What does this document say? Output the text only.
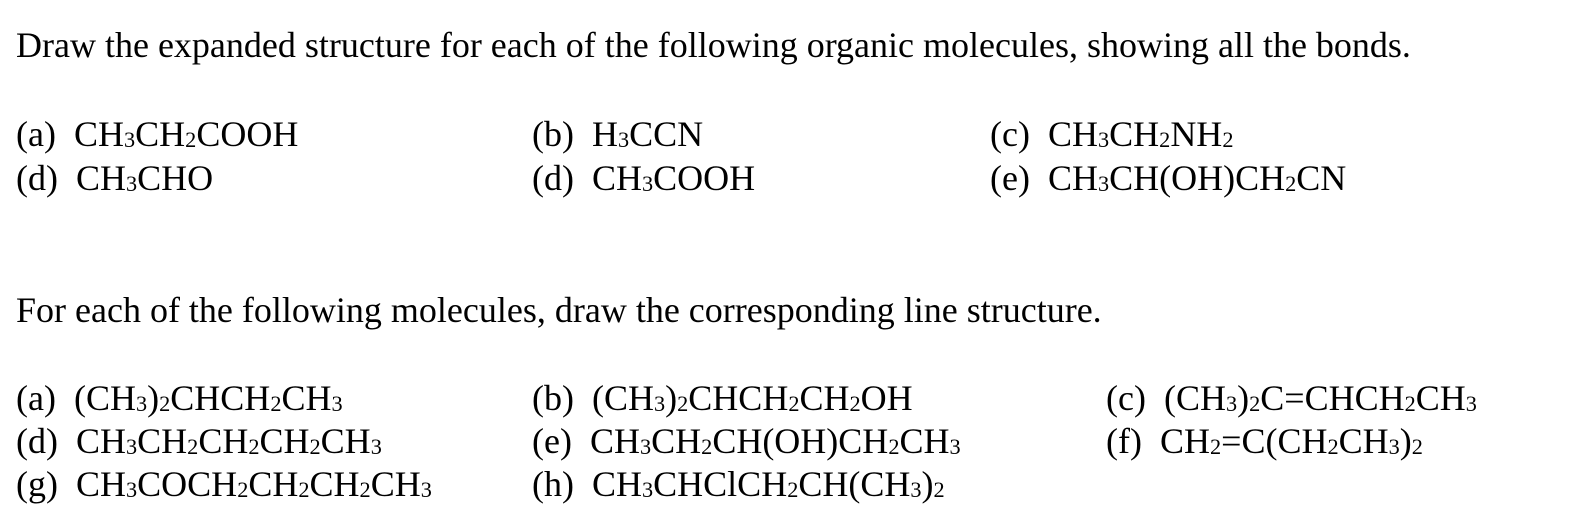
Draw the expanded structure for each of the following organic molecules, showing all the bonds.
(a) $CH_3CH_2COOH$	(b) $H_3CCN$	(c) $CH_3CH_2NH_2$
(d) $CH_3CHO$	(d) $CH_3COOH$	(e) $CH_3CH(OH)CH_2CN$
For each of the following molecules, draw the corresponding line structure.
(a) $(CH_3)_2CHCH_2CH_3$	(b) $(CH_3)_2CHCH_2CH_2OH$	(c) $(CH_3)_2C=CHCH_2CH_3$
(d) $CH_3CH_2CH_2CH_2CH_3$	(e) $CH_3CH_2CH(OH)CH_2CH_3$	(f) $CH_2=C(CH_2CH_3)_2$
(g) $CH_3COCH_2CH_2CH_2CH_3$	(h) $CH_3CHClCH_2CH(CH_3)_2$
